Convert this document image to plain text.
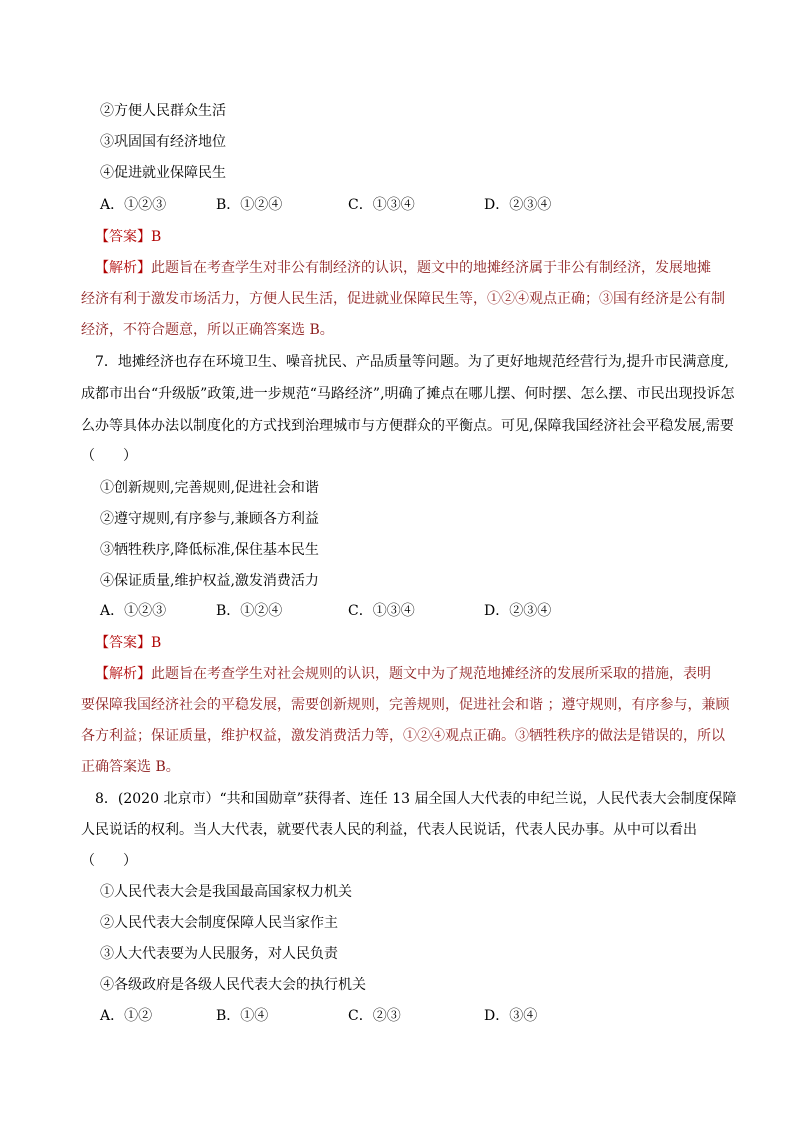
②方便人民群众生活
③巩固国有经济地位
④促进就业保障民生
A．①②③	B．①②④	C．①③④	D．②③④
【答案】B
【解析】此题旨在考查学生对非公有制经济的认识，题文中的地摊经济属于非公有制经济，发展地摊
经济有利于激发市场活力，方便人民生活，促进就业保障民生等，①②④观点正确；③国有经济是公有制
经济，不符合题意，所以正确答案选 B。
7．地摊经济也存在环境卫生、噪音扰民、产品质量等问题。为了更好地规范经营行为,提升市民满意度,
成都市出台“升级版”政策,进一步规范“马路经济”,明确了摊点在哪儿摆、何时摆、怎么摆、市民出现投诉怎
么办等具体办法以制度化的方式找到治理城市与方便群众的平衡点。可见,保障我国经济社会平稳发展,需要
（　　）
①创新规则,完善规则,促进社会和谐
②遵守规则,有序参与,兼顾各方利益
③牺牲秩序,降低标准,保住基本民生
④保证质量,维护权益,激发消费活力
A．①②③	B．①②④	C．①③④	D．②③④
【答案】B
【解析】此题旨在考查学生对社会规则的认识，题文中为了规范地摊经济的发展所采取的措施，表明
要保障我国经济社会的平稳发展，需要创新规则，完善规则，促进社会和谐 ；遵守规则，有序参与，兼顾
各方利益；保证质量，维护权益，激发消费活力等，①②④观点正确。③牺牲秩序的做法是错误的，所以
正确答案选 B。
8．(2020 北京市）“共和国勋章”获得者、连任 13 届全国人大代表的申纪兰说，人民代表大会制度保障
人民说话的权利。当人大代表，就要代表人民的利益，代表人民说话，代表人民办事。从中可以看出
（　　）
①人民代表大会是我国最高国家权力机关
②人民代表大会制度保障人民当家作主
③人大代表要为人民服务，对人民负责
④各级政府是各级人民代表大会的执行机关
A．①②	B．①④	C．②③	D．③④
